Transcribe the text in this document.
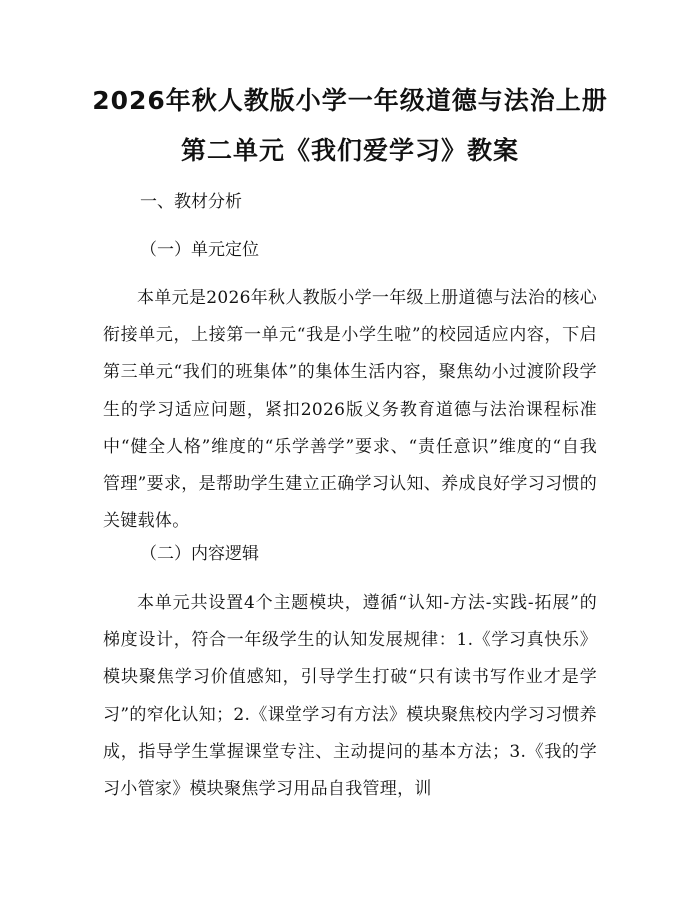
2026年秋人教版小学一年级道德与法治上册
第二单元《我们爱学习》教案
一、教材分析
（一）单元定位

本单元是2026年秋人教版小学一年级上册道德与法治的核心衔接单元，上接第一单元“我是小学生啦”的校园适应内容，下启第三单元“我们的班集体”的集体生活内容，聚焦幼小过渡阶段学生的学习适应问题，紧扣2026版义务教育道德与法治课程标准中“健全人格”维度的“乐学善学”要求、“责任意识”维度的“自我管理”要求，是帮助学生建立正确学习认知、养成良好学习习惯的关键载体。

（二）内容逻辑

本单元共设置4个主题模块，遵循“认知-方法-实践-拓展”的梯度设计，符合一年级学生的认知发展规律：1.《学习真快乐》模块聚焦学习价值感知，引导学生打破“只有读书写作业才是学习”的窄化认知；2.《课堂学习有方法》模块聚焦校内学习习惯养成，指导学生掌握课堂专注、主动提问的基本方法；3.《我的学习小管家》模块聚焦学习用品自我管理，训
